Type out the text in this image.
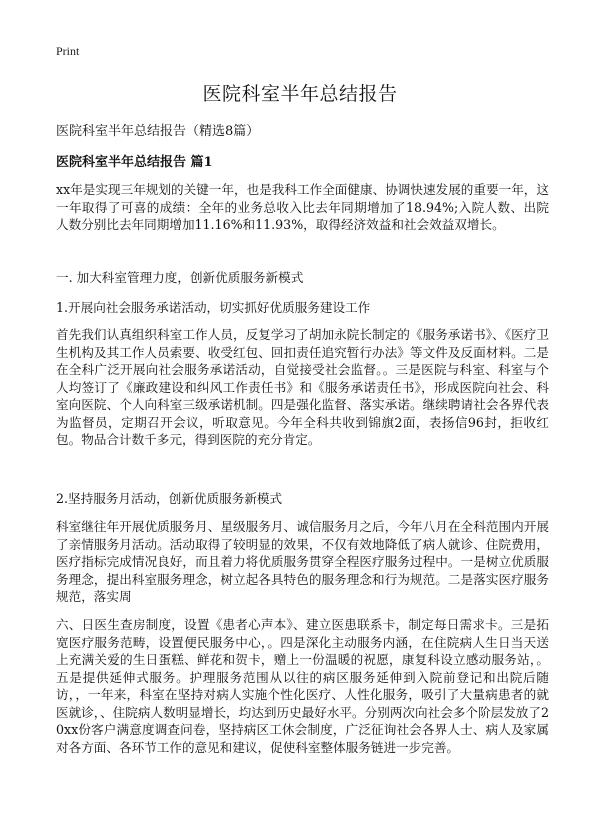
Print
医院科室半年总结报告
医院科室半年总结报告（精选8篇）
医院科室半年总结报告 篇1
xx年是实现三年规划的关键一年，也是我科工作全面健康、协调快速发展的重要一年，这一年取得了可喜的成绩：全年的业务总收入比去年同期增加了18.94%;入院人数、出院人数分别比去年同期增加11.16%和11.93%，取得经济效益和社会效益双增长。
一. 加大科室管理力度，创新优质服务新模式
1.开展向社会服务承诺活动，切实抓好优质服务建设工作
首先我们认真组织科室工作人员，反复学习了胡加永院长制定的《服务承诺书》、《医疗卫生机构及其工作人员索要、收受红包、回扣责任追究暂行办法》等文件及反面材料。二是在全科广泛开展向社会服务承诺活动，自觉接受社会监督。。三是医院与科室、科室与个人均签订了《廉政建设和纠风工作责任书》和《服务承诺责任书》，形成医院向社会、科室向医院、个人向科室三级承诺机制。四是强化监督、落实承诺。继续聘请社会各界代表为监督员，定期召开会议，听取意见。今年全科共收到锦旗2面，表扬信96封，拒收红包。物品合计数千多元，得到医院的充分肯定。
2.坚持服务月活动，创新优质服务新模式
科室继往年开展优质服务月、星级服务月、诚信服务月之后，今年八月在全科范围内开展了亲情服务月活动。活动取得了较明显的效果，不仅有效地降低了病人就诊、住院费用，医疗指标完成情况良好，而且着力将优质服务贯穿全程医疗服务过程中。一是树立优质服务理念，提出科室服务理念，树立起各具特色的服务理念和行为规范。二是落实医疗服务规范，落实周
六、日医生查房制度，设置《患者心声本》、建立医患联系卡，制定每日需求卡。三是拓宽医疗服务范畴，设置便民服务中心，。四是深化主动服务内涵，在住院病人生日当天送上充满关爱的生日蛋糕、鲜花和贺卡，赠上一份温暖的祝愿，康复科设立感动服务站，。五是提供延伸式服务。护理服务范围从以往的病区服务延伸到入院前登记和出院后随访，，一年来，科室在坚持对病人实施个性化医疗、人性化服务，吸引了大量病患者的就医就诊，、住院病人数明显增长，均达到历史最好水平。分别两次向社会多个阶层发放了20xx份客户满意度调查问卷，坚持病区工休会制度，广泛征询社会各界人士、病人及家属对各方面、各环节工作的意见和建议，促使科室整体服务链进一步完善。
